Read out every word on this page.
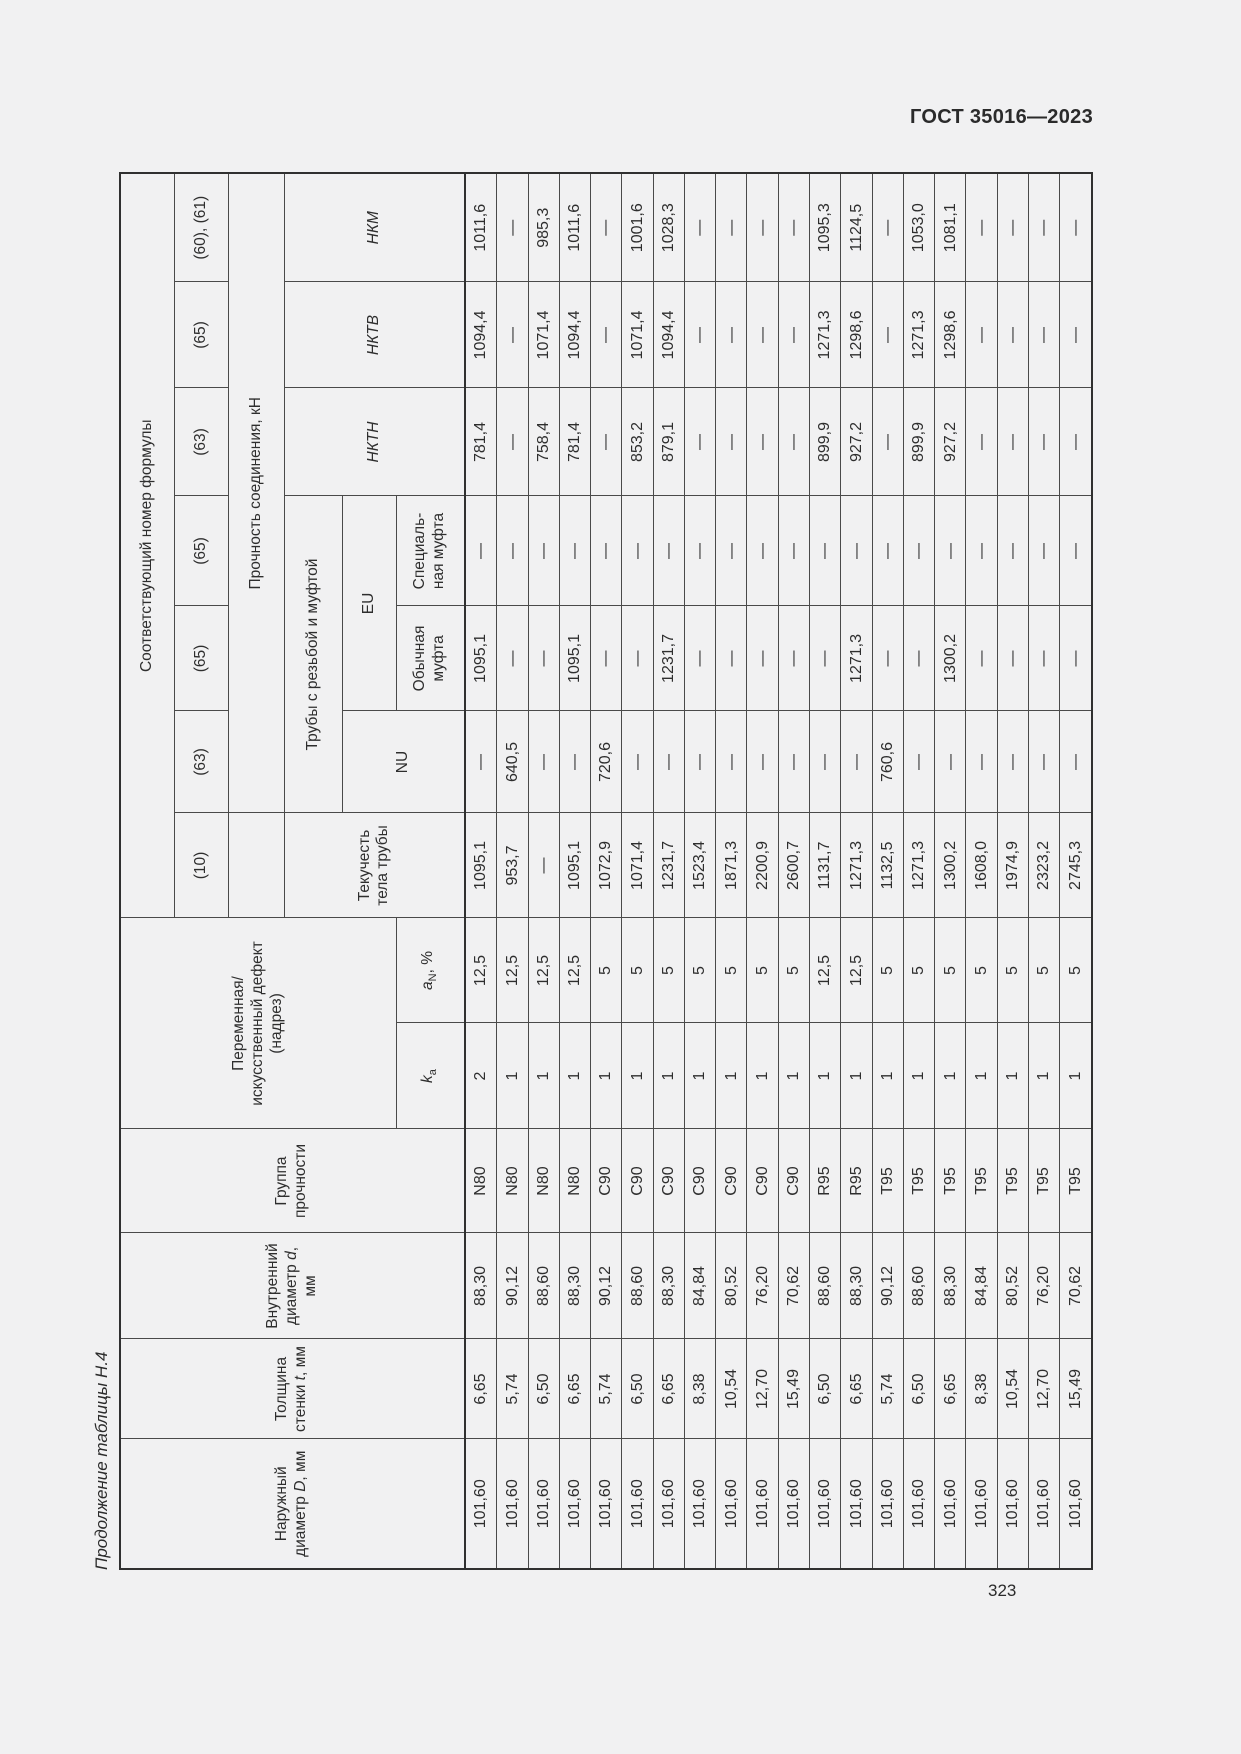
ГОСТ 35016—2023
Продолжение таблицы Н.4	Наружный диаметр D, мм	Толщина стенки t, мм	Внутренний диаметр d, мм	Группа прочности	Переменная/ искусственный дефект (надрез)		Соответствующий номер формулы						
						(10)	(63)	(65)	(65)	(63)	(65)	(60), (61)
							Прочность соединения, кН					
						Текучесть тела трубы	Трубы с резьбой и муфтой			НКТН	НКТВ	НКМ
							NU	EU				
				$k_a$	$a_N$, %			Обычная муфта	Специаль- ная муфта			
101,60	6,65	88,30	N80	2	12,5	1095,1	—	1095,1	—	781,4	1094,4	1011,6
101,60	5,74	90,12	N80	1	12,5	953,7	640,5	—	—	—	—	—
101,60	6,50	88,60	N80	1	12,5	—	—	—	—	758,4	1071,4	985,3
101,60	6,65	88,30	N80	1	12,5	1095,1	—	1095,1	—	781,4	1094,4	1011,6
101,60	5,74	90,12	C90	1	5	1072,9	720,6	—	—	—	—	—
101,60	6,50	88,60	C90	1	5	1071,4	—	—	—	853,2	1071,4	1001,6
101,60	6,65	88,30	C90	1	5	1231,7	—	1231,7	—	879,1	1094,4	1028,3
101,60	8,38	84,84	C90	1	5	1523,4	—	—	—	—	—	—
101,60	10,54	80,52	C90	1	5	1871,3	—	—	—	—	—	—
101,60	12,70	76,20	C90	1	5	2200,9	—	—	—	—	—	—
101,60	15,49	70,62	C90	1	5	2600,7	—	—	—	—	—	—
101,60	6,50	88,60	R95	1	12,5	1131,7	—	—	—	899,9	1271,3	1095,3
101,60	6,65	88,30	R95	1	12,5	1271,3	—	1271,3	—	927,2	1298,6	1124,5
101,60	5,74	90,12	T95	1	5	1132,5	760,6	—	—	—	—	—
101,60	6,50	88,60	T95	1	5	1271,3	—	—	—	899,9	1271,3	1053,0
101,60	6,65	88,30	T95	1	5	1300,2	—	1300,2	—	927,2	1298,6	1081,1
101,60	8,38	84,84	T95	1	5	1608,0	—	—	—	—	—	—
101,60	10,54	80,52	T95	1	5	1974,9	—	—	—	—	—	—
101,60	12,70	76,20	T95	1	5	2323,2	—	—	—	—	—	—
101,60	15,49	70,62	T95	1	5	2745,3	—	—	—	—	—	—
323
